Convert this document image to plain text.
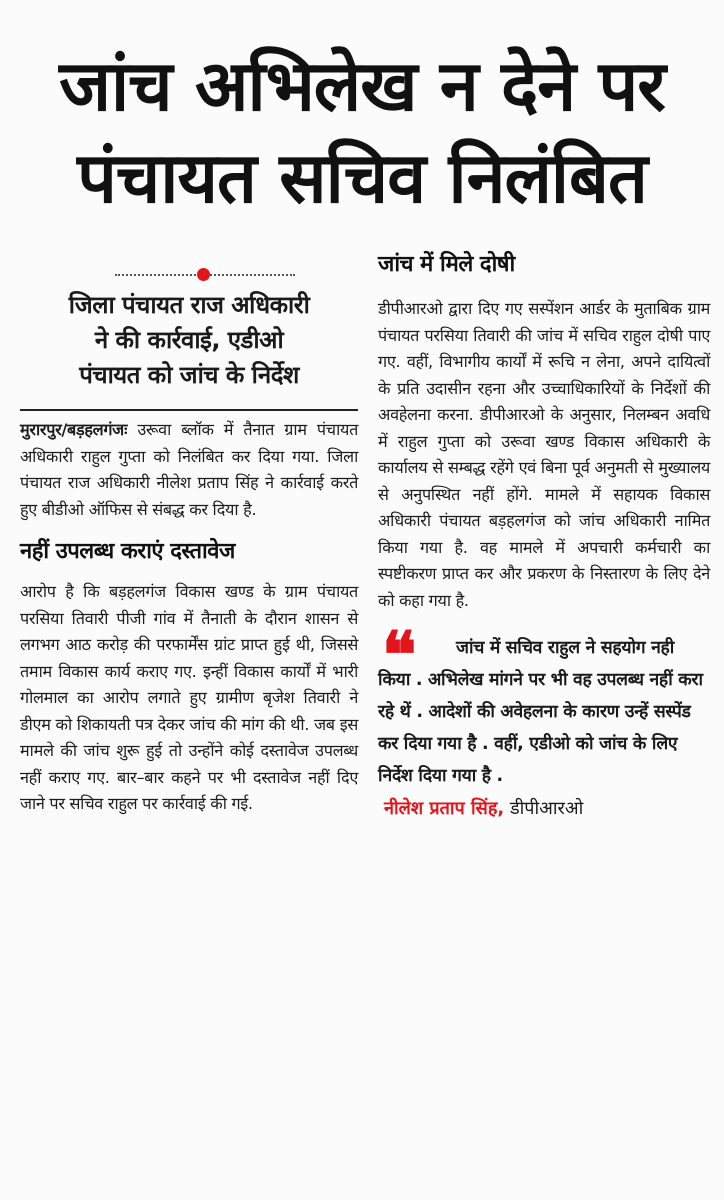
जांच अभिलेख न देने पर
पंचायत सचिव निलंबित
जिला पंचायत राज अधिकारी
ने की कार्रवाई, एडीओ
पंचायत को जांच के निर्देश

मुरारपुर/बड़हलगंजः उरूवा ब्लॉक में तैनात ग्राम पंचायत अधिकारी राहुल गुप्ता को निलंबित कर दिया गया. जिला पंचायत राज अधिकारी नीलेश प्रताप सिंह ने कार्रवाई करते हुए बीडीओ ऑफिस से संबद्ध कर दिया है.

नहीं उपलब्ध कराएं दस्तावेज

आरोप है कि बड़हलगंज विकास खण्ड के ग्राम पंचायत परसिया तिवारी पीजी गांव में तैनाती के दौरान शासन से लगभग आठ करोड़ की परफार्मेंस ग्रांट प्राप्त हुई थी, जिससे तमाम विकास कार्य कराए गए. इन्हीं विकास कार्यों में भारी गोलमाल का आरोप लगाते हुए ग्रामीण बृजेश तिवारी ने डीएम को शिकायती पत्र देकर जांच की मांग की थी. जब इस मामले की जांच शुरू हुई तो उन्होंने कोई दस्तावेज उपलब्ध नहीं कराए गए. बार–बार कहने पर भी दस्तावेज नहीं दिए जाने पर सचिव राहुल पर कार्रवाई की गई.

जांच में मिले दोषी

डीपीआरओ द्वारा दिए गए सस्पेंशन आर्डर के मुताबिक ग्राम पंचायत परसिया तिवारी की जांच में सचिव राहुल दोषी पाए गए. वहीं, विभागीय कार्यों में रूचि न लेना, अपने दायित्वों के प्रति उदासीन रहना और उच्चाधिकारियों के निर्देशों की अवहेलना करना. डीपीआरओ के अनुसार, निलम्बन अवधि में राहुल गुप्ता को उरूवा खण्ड विकास अधिकारी के कार्यालय से सम्बद्ध रहेंगे एवं बिना पूर्व अनुमती से मुख्यालय से अनुपस्थित नहीं होंगे. मामले में सहायक विकास अधिकारी पंचायत बड़हलगंज को जांच अधिकारी नामित किया गया है. वह मामले में अपचारी कर्मचारी का स्पष्टीकरण प्राप्त कर और प्रकरण के निस्तारण के लिए देने को कहा गया है.

❝	जांच में सचिव राहुल ने सहयोग नही किया . अभिलेख मांगने पर भी वह उपलब्ध नहीं करा रहे थें . आदेशों की अवेहलना के कारण उन्हें सस्पेंड कर दिया गया है . वहीं, एडीओ को जांच के लिए निर्देश दिया गया है .

नीलेश प्रताप सिंह, डीपीआरओ
